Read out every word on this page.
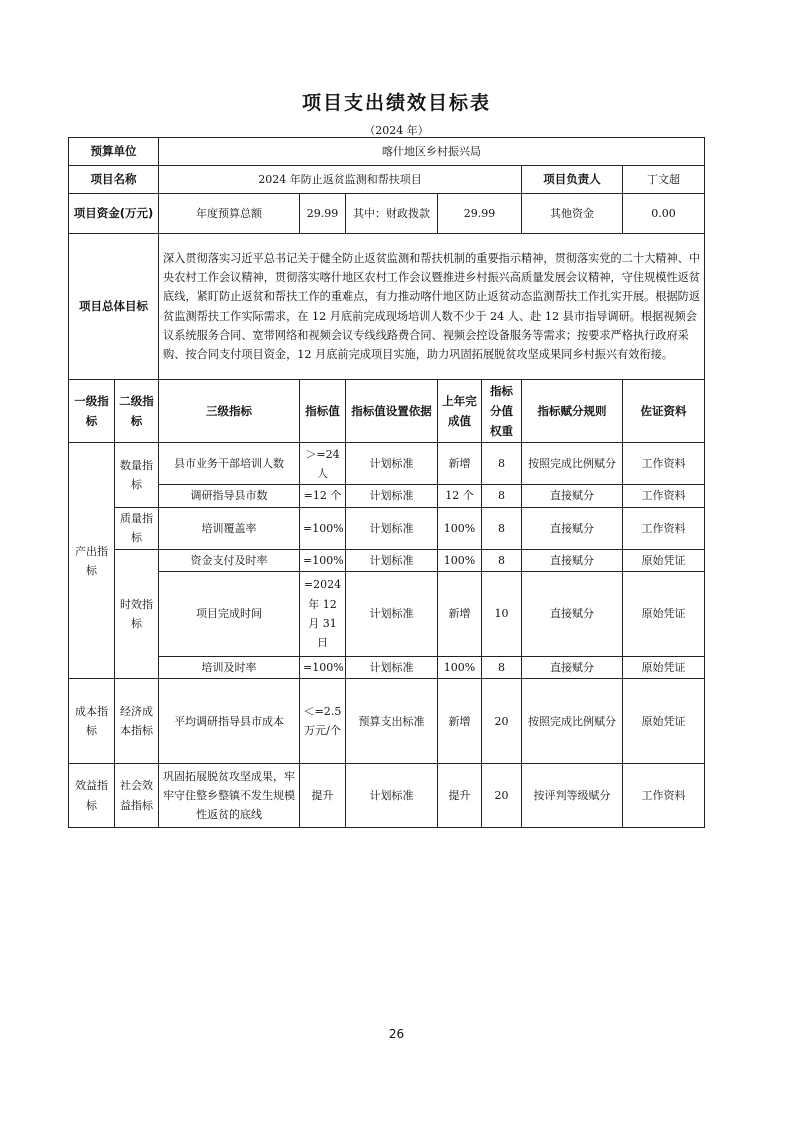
项目支出绩效目标表
（2024 年）
预算单位		喀什地区乡村振兴局						
项目名称		2024 年防止返贫监测和帮扶项目					项目负责人	丁文超
项目资金(万元)		年度预算总额	29.99	其中：财政拨款	29.99		其他资金	0.00
项目总体目标		深入贯彻落实习近平总书记关于健全防止返贫监测和帮扶机制的重要指示精神，贯彻落实党的二十大精神、中央农村工作会议精神，贯彻落实喀什地区农村工作会议暨推进乡村振兴高质量发展会议精神，守住规模性返贫底线，紧盯防止返贫和帮扶工作的重难点，有力推动喀什地区防止返贫动态监测帮扶工作扎实开展。根据防返贫监测帮扶工作实际需求，在 12 月底前完成现场培训人数不少于 24 人、赴 12 县市指导调研。根据视频会议系统服务合同、宽带网络和视频会议专线线路费合同、视频会控设备服务等需求；按要求严格执行政府采购、按合同支付项目资金，12 月底前完成项目实施，助力巩固拓展脱贫攻坚成果同乡村振兴有效衔接。						
一级指标	二级指标	三级指标	指标值	指标值设置依据	上年完成值	指标分值权重	指标赋分规则	佐证资料
产出指标	数量指标	县市业务干部培训人数	＞=24 人	计划标准	新增	8	按照完成比例赋分	工作资料
		调研指导县市数	=12 个	计划标准	12 个	8	直接赋分	工作资料
	质量指标	培训覆盖率	=100%	计划标准	100%	8	直接赋分	工作资料
	时效指标	资金支付及时率	=100%	计划标准	100%	8	直接赋分	原始凭证
		项目完成时间	=2024 年 12 月 31 日	计划标准	新增	10	直接赋分	原始凭证
		培训及时率	=100%	计划标准	100%	8	直接赋分	原始凭证
成本指标	经济成本指标	平均调研指导县市成本	＜=2.5 万元/个	预算支出标准	新增	20	按照完成比例赋分	原始凭证
效益指标	社会效益指标	巩固拓展脱贫攻坚成果，牢牢守住整乡整镇不发生规模性返贫的底线	提升	计划标准	提升	20	按评判等级赋分	工作资料
26
